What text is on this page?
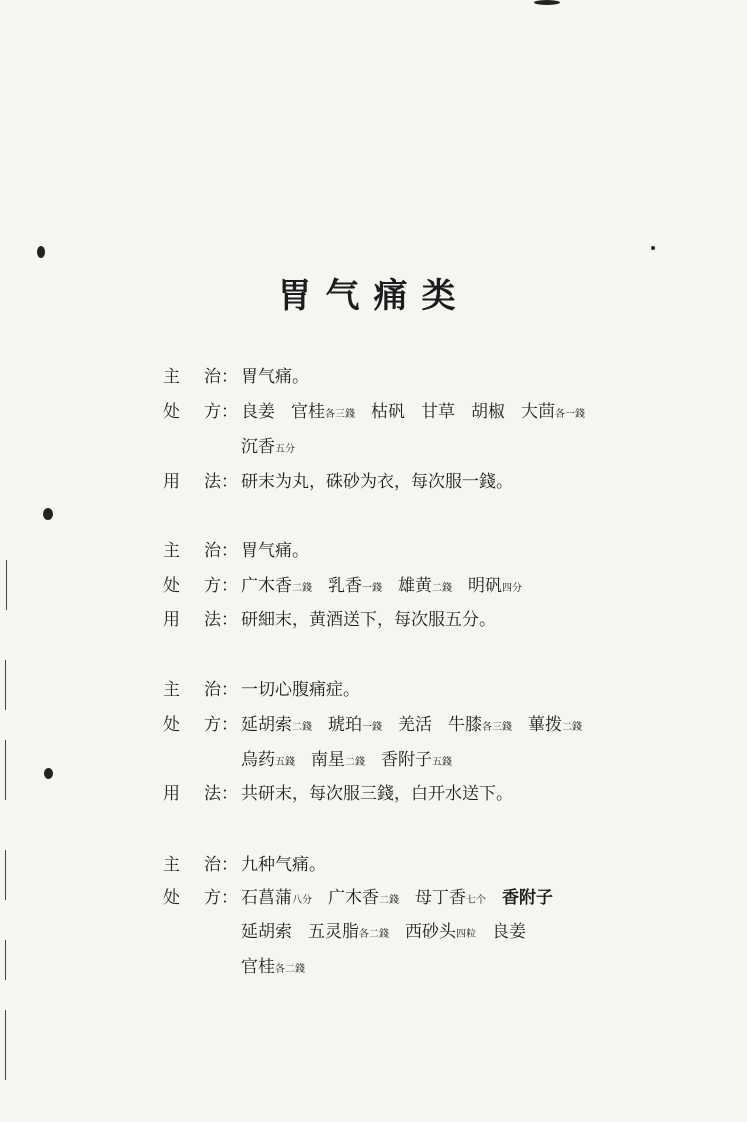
胃气痛类
主 治 ： 胃气痛。
处 方 ： 良姜 官桂各三錢 枯矾 甘草 胡椒 大茴各一錢
沉香五分
用 法 ： 研末为丸，硃砂为衣，每次服一錢。
主 治 ： 胃气痛。
处 方 ： 广木香二錢 乳香一錢 雄黄二錢 明矾四分
用 法 ： 研細末，黄酒送下，每次服五分。
主 治 ： 一切心腹痛症。
处 方 ： 延胡索二錢 琥珀一錢 羌活 牛膝各三錢 蓽拨二錢
烏药五錢 南星二錢 香附子五錢
用 法 ： 共研末，每次服三錢，白开水送下。
主 治 ： 九种气痛。
处 方 ： 石菖蒲八分 广木香二錢 母丁香七个 香附子
延胡索 五灵脂各二錢 西砂头四粒 良姜
官桂各二錢
